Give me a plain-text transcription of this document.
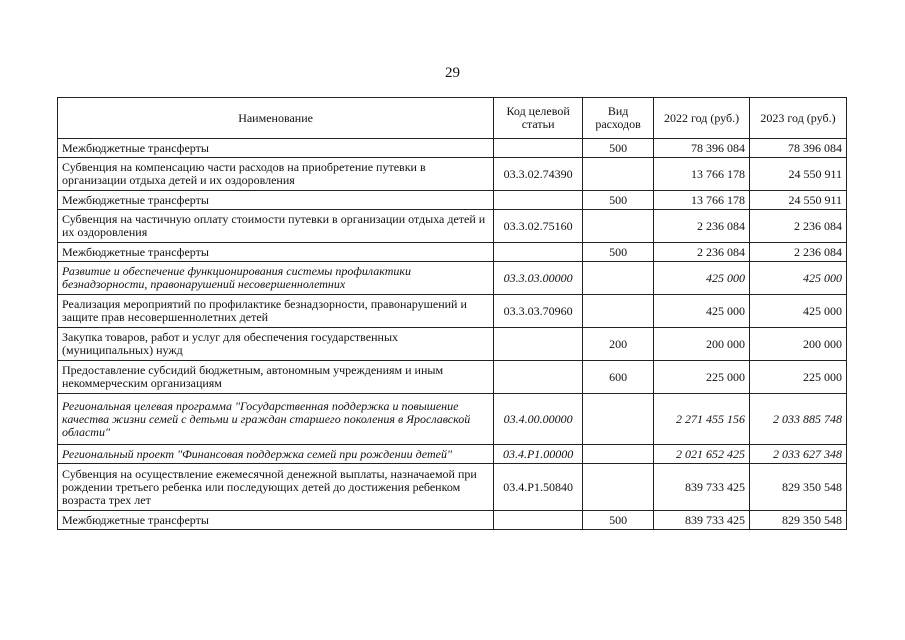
29
Наименование	Код целевой статьи	Вид расходов	2022 год (руб.)	2023 год (руб.)
Межбюджетные трансферты		500	78 396 084	78 396 084
Субвенция на компенсацию части расходов на приобретение путевки в организации отдыха детей и их оздоровления	03.3.02.74390		13 766 178	24 550 911
Межбюджетные трансферты		500	13 766 178	24 550 911
Субвенция на частичную оплату стоимости путевки в организации отдыха детей и их оздоровления	03.3.02.75160		2 236 084	2 236 084
Межбюджетные трансферты		500	2 236 084	2 236 084
Развитие и обеспечение функционирования системы профилактики безнадзорности, правонарушений несовершеннолетних	03.3.03.00000		425 000	425 000
Реализация мероприятий по профилактике безнадзорности, правонарушений и защите прав несовершеннолетних детей	03.3.03.70960		425 000	425 000
Закупка товаров, работ и услуг для обеспечения государственных (муниципальных) нужд		200	200 000	200 000
Предоставление субсидий бюджетным, автономным учреждениям и иным некоммерческим организациям		600	225 000	225 000
Региональная целевая программа "Государственная поддержка и повышение качества жизни семей с детьми и граждан старшего поколения в Ярославской области"	03.4.00.00000		2 271 455 156	2 033 885 748
Региональный проект "Финансовая поддержка семей при рождении детей"	03.4.P1.00000		2 021 652 425	2 033 627 348
Субвенция на осуществление ежемесячной денежной выплаты, назначаемой при рождении третьего ребенка или последующих детей до достижения ребенком возраста трех лет	03.4.P1.50840		839 733 425	829 350 548
Межбюджетные трансферты		500	839 733 425	829 350 548
